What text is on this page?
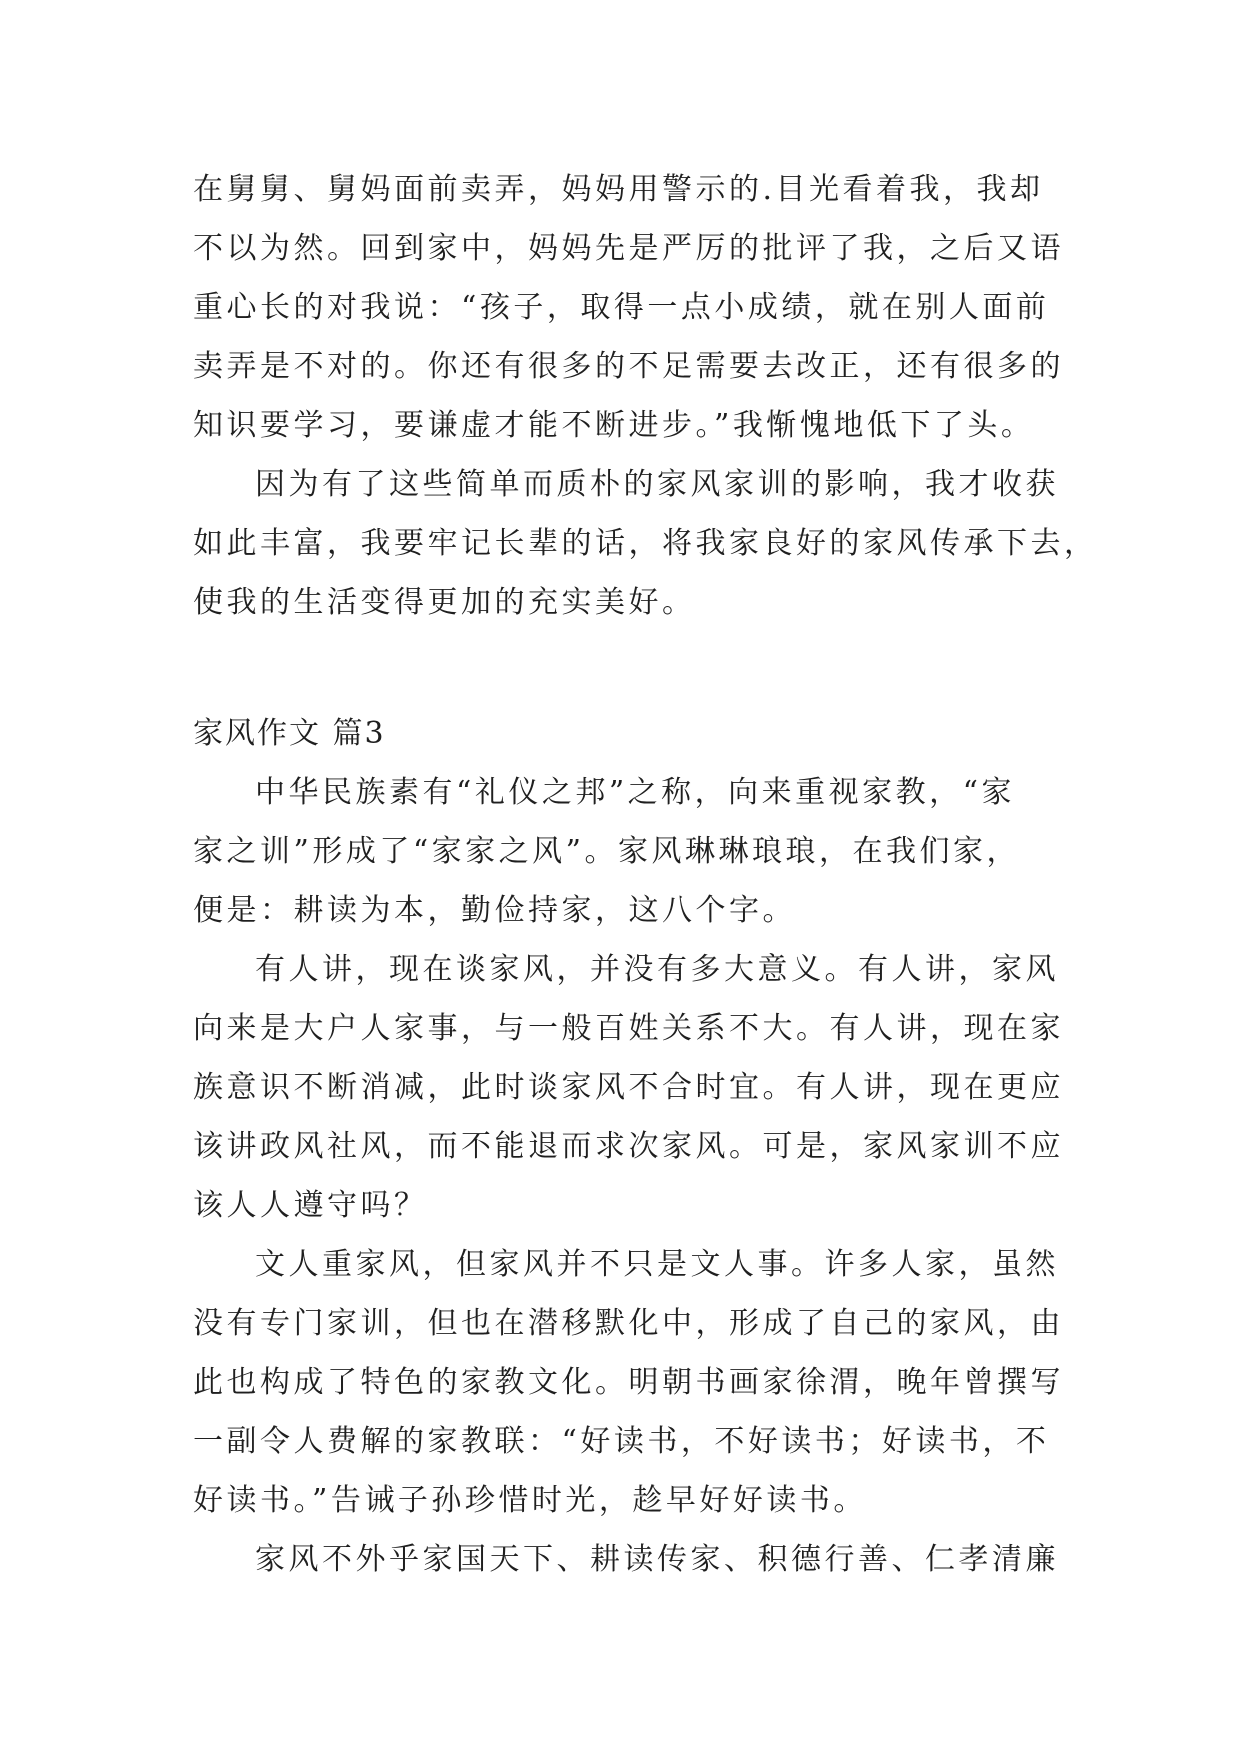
在舅舅、舅妈面前卖弄，妈妈用警示的.目光看着我，我却
不以为然。回到家中，妈妈先是严厉的批评了我，之后又语
重心长的对我说：“孩子，取得一点小成绩，就在别人面前
卖弄是不对的。你还有很多的不足需要去改正，还有很多的
知识要学习，要谦虚才能不断进步。”我惭愧地低下了头。
因为有了这些简单而质朴的家风家训的影响，我才收获
如此丰富，我要牢记长辈的话，将我家良好的家风传承下去，
使我的生活变得更加的充实美好。
家风作文 篇3
中华民族素有“礼仪之邦”之称，向来重视家教，“家
家之训”形成了“家家之风”。家风琳琳琅琅，在我们家，
便是：耕读为本，勤俭持家，这八个字。
有人讲，现在谈家风，并没有多大意义。有人讲，家风
向来是大户人家事，与一般百姓关系不大。有人讲，现在家
族意识不断消减，此时谈家风不合时宜。有人讲，现在更应
该讲政风社风，而不能退而求次家风。可是，家风家训不应
该人人遵守吗？
文人重家风，但家风并不只是文人事。许多人家，虽然
没有专门家训，但也在潜移默化中，形成了自己的家风，由
此也构成了特色的家教文化。明朝书画家徐渭，晚年曾撰写
一副令人费解的家教联：“好读书，不好读书；好读书，不
好读书。”告诫子孙珍惜时光，趁早好好读书。
家风不外乎家国天下、耕读传家、积德行善、仁孝清廉
